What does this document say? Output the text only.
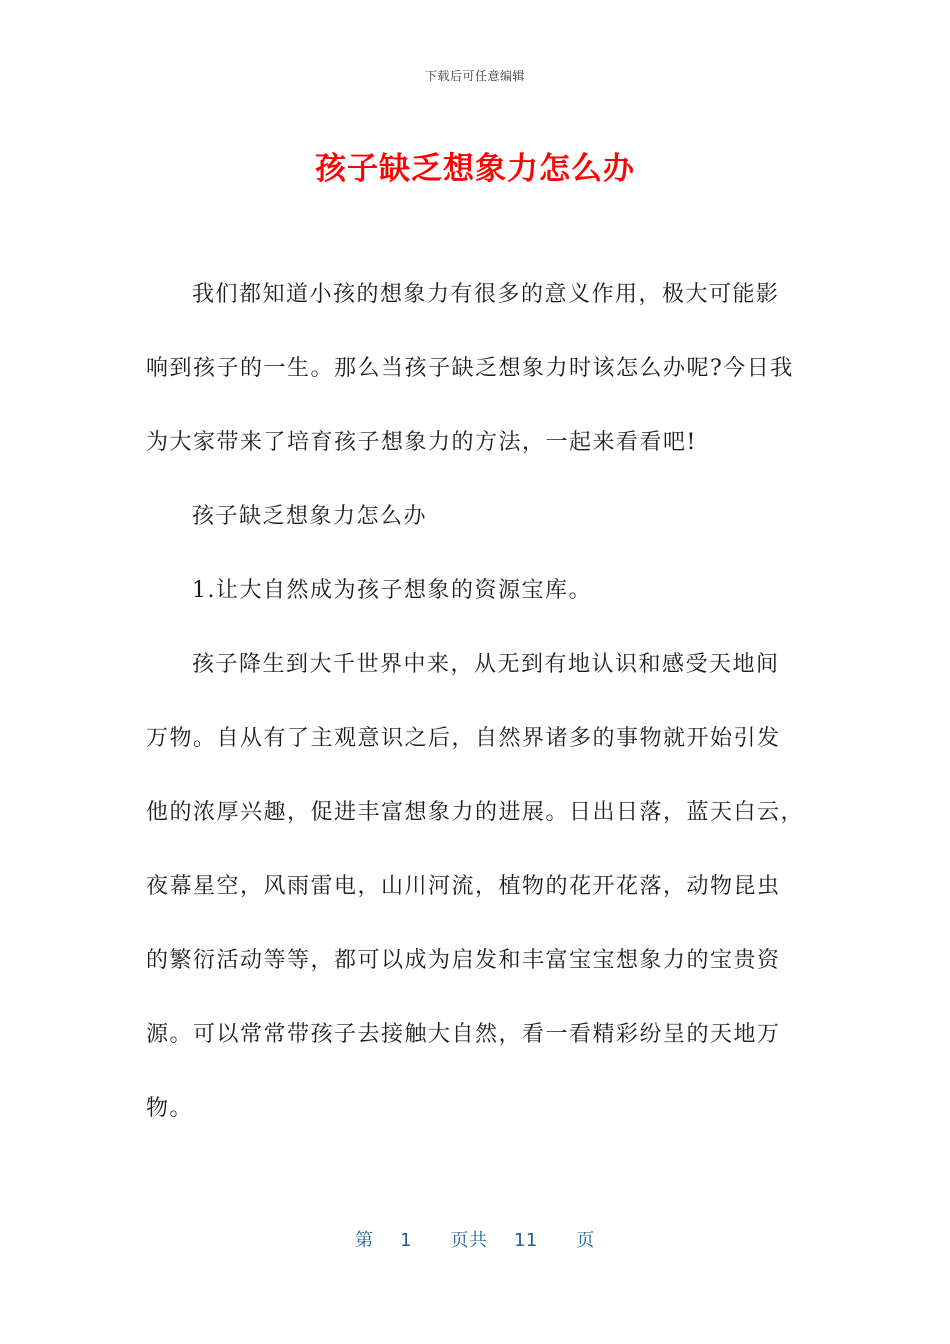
下载后可任意编辑
孩子缺乏想象力怎么办
我们都知道小孩的想象力有很多的意义作用，极大可能影
响到孩子的一生。那么当孩子缺乏想象力时该怎么办呢?今日我
为大家带来了培育孩子想象力的方法，一起来看看吧!
孩子缺乏想象力怎么办
1.让大自然成为孩子想象的资源宝库。
孩子降生到大千世界中来，从无到有地认识和感受天地间
万物。自从有了主观意识之后，自然界诸多的事物就开始引发
他的浓厚兴趣，促进丰富想象力的进展。日出日落，蓝天白云，
夜幕星空，风雨雷电，山川河流，植物的花开花落，动物昆虫
的繁衍活动等等，都可以成为启发和丰富宝宝想象力的宝贵资
源。可以常常带孩子去接触大自然，看一看精彩纷呈的天地万
物。
第 1 页共 11 页
